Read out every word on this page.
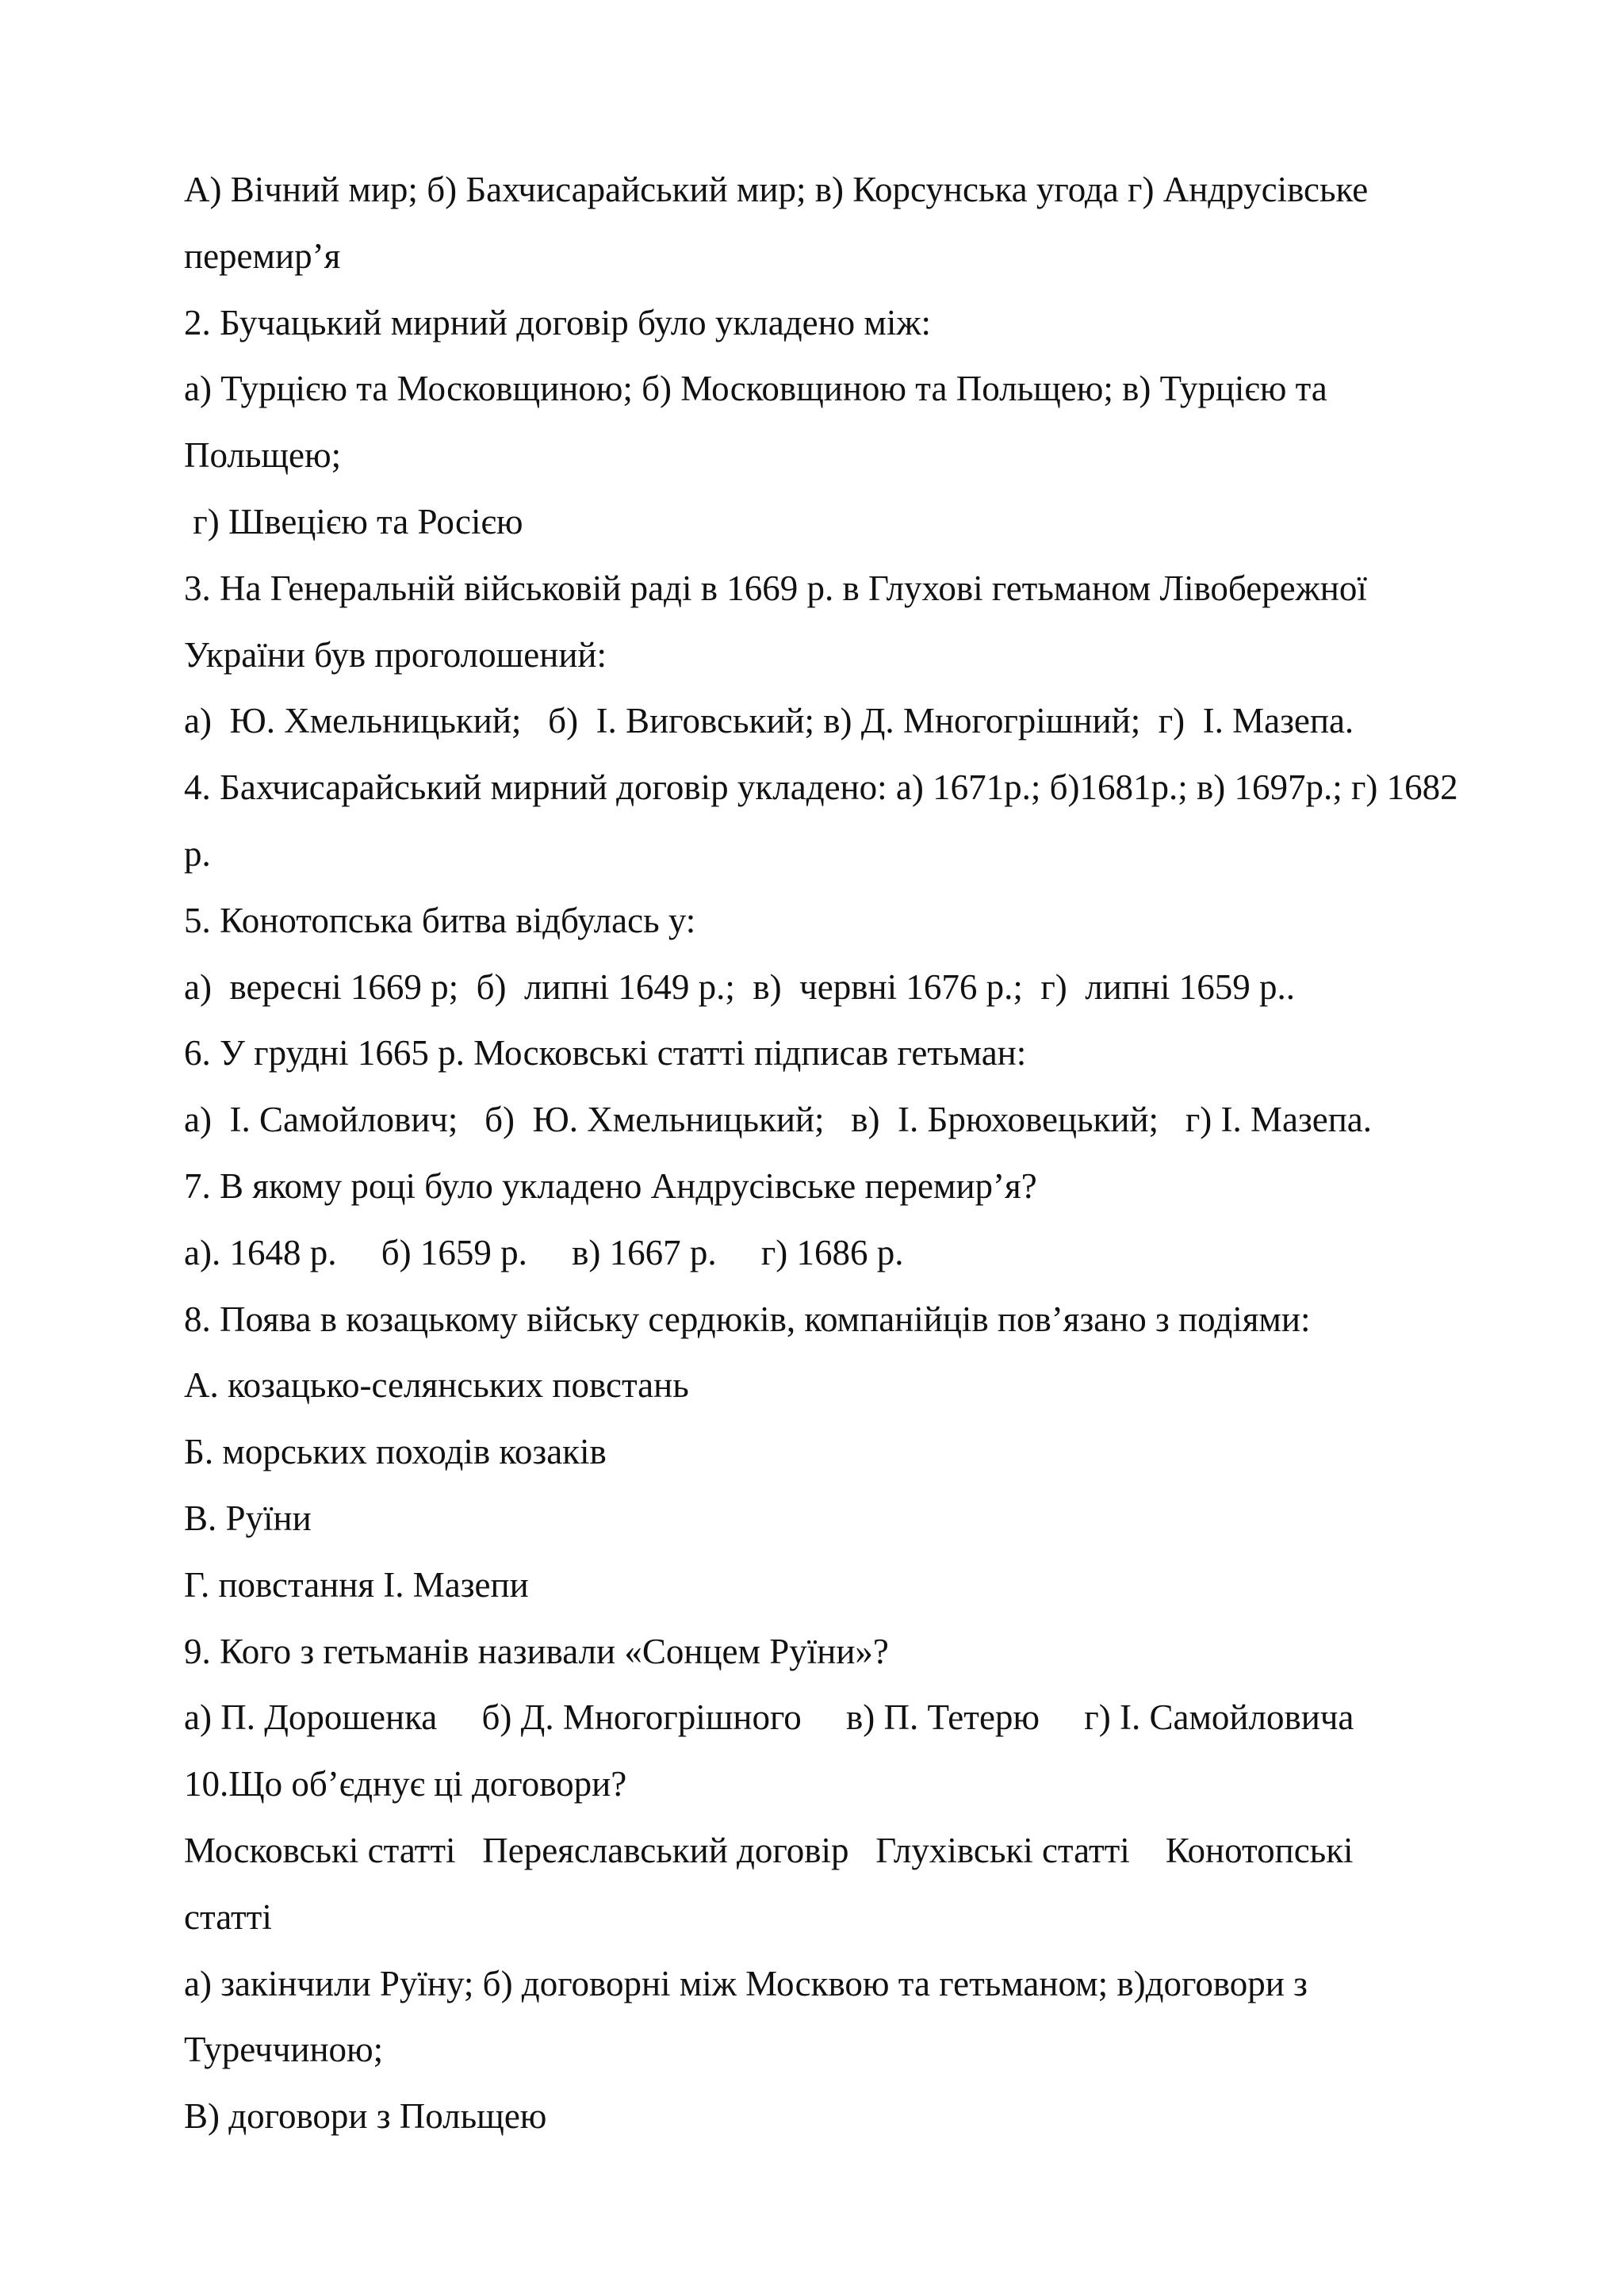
А) Вічний мир; б) Бахчисарайський мир; в) Корсунська угода г) Андрусівське
перемир’я
2. Бучацький мирний договір було укладено між:
а) Турцією та Московщиною; б) Московщиною та Польщею; в) Турцією та
Польщею;
г) Швецією та Росією
3. На Генеральній військовій раді в 1669 р. в Глухові гетьманом Лівобережної
України був проголошений:
а)  Ю. Хмельницький;   б)  І. Виговський; в) Д. Многогрішний;  г)  І. Мазепа.
4. Бахчисарайський мирний договір укладено: а) 1671р.; б)1681р.; в) 1697р.; г) 1682
р.
5. Конотопська битва відбулась у:
а)  вересні 1669 р;  б)  липні 1649 р.;  в)  червні 1676 р.;  г)  липні 1659 р..
6. У грудні 1665 р. Московські статті підписав гетьман:
а)  І. Самойлович;   б)  Ю. Хмельницький;   в)  І. Брюховецький;   г) І. Мазепа.
7. В якому році було укладено Андрусівське перемир’я?
а). 1648 р.     б) 1659 р.     в) 1667 р.     г) 1686 р.
8. Поява в козацькому війську сердюків, компанійців пов’язано з подіями:
А. козацько-селянських повстань
Б. морських походів козаків
В. Руїни
Г. повстання І. Мазепи
9. Кого з гетьманів називали «Сонцем Руїни»?
а) П. Дорошенка     б) Д. Многогрішного     в) П. Тетерю     г) І. Самойловича
10.Що об’єднує ці договори?
Московські статті   Переяславський договір   Глухівські статті    Конотопські
статті
а) закінчили Руїну; б) договорні між Москвою та гетьманом; в)договори з
Туреччиною;
В) договори з Польщею
